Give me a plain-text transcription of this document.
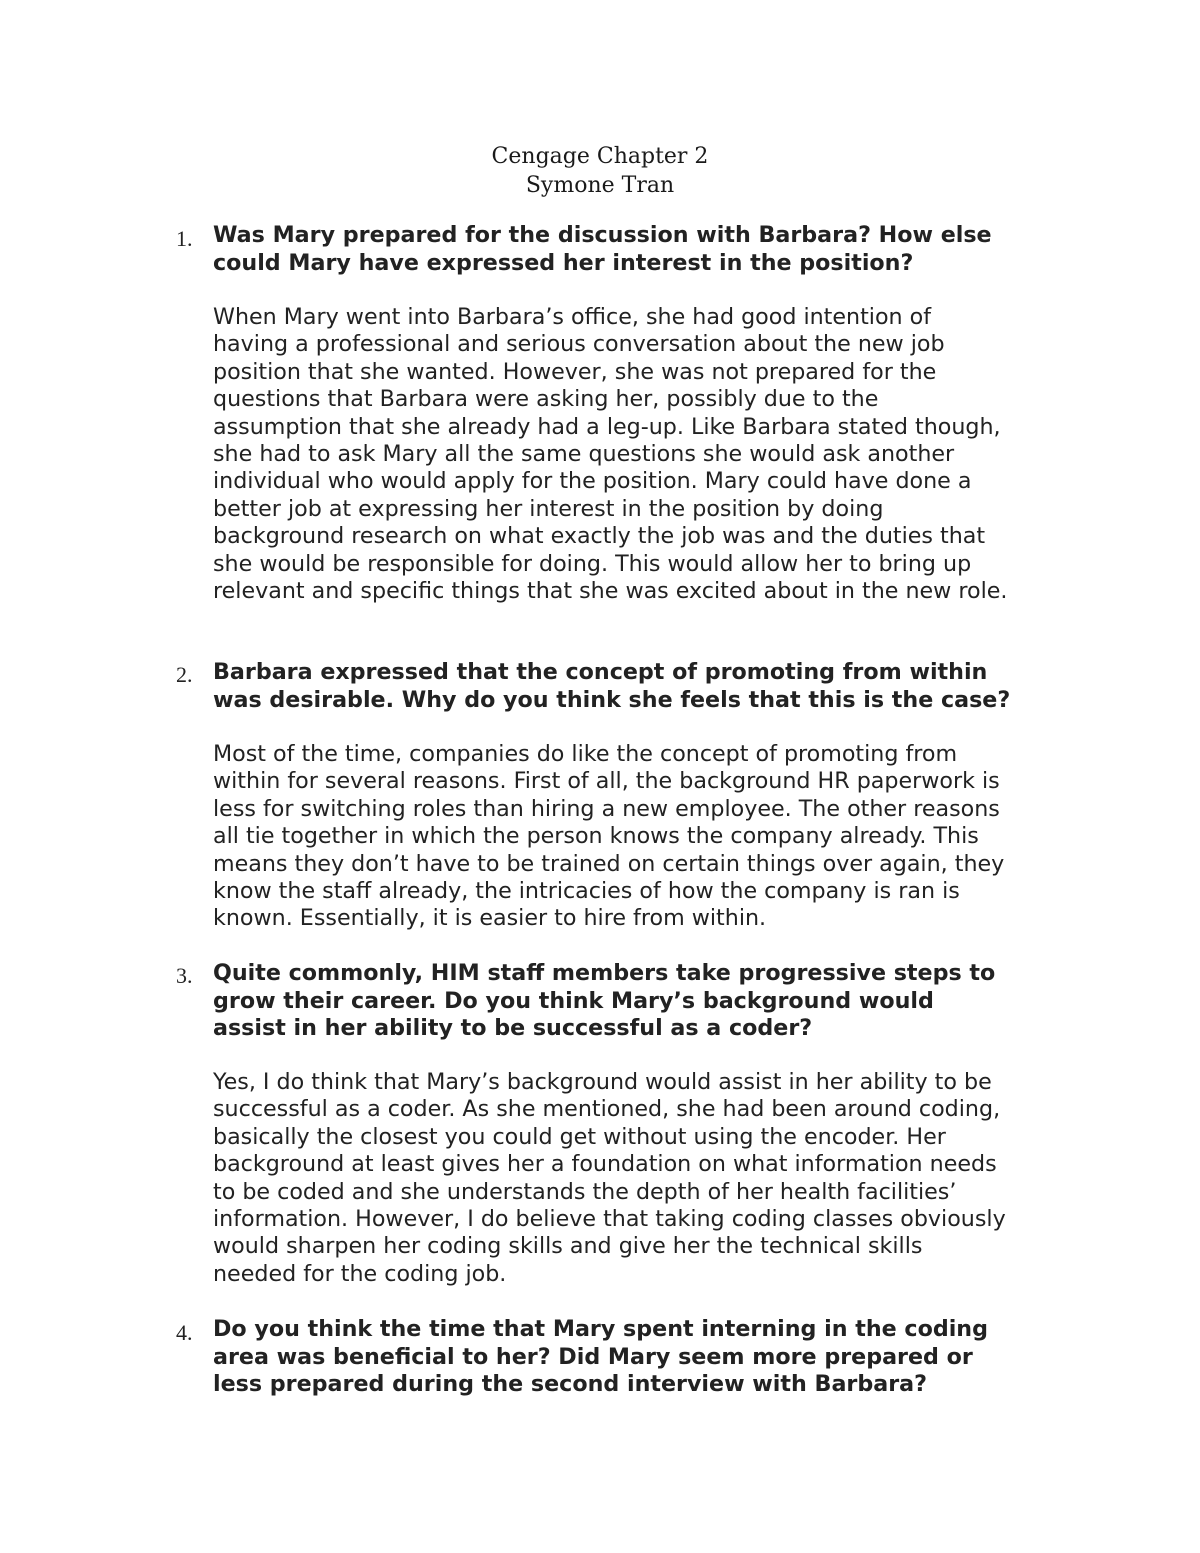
Cengage Chapter 2
Symone Tran
1. Was Mary prepared for the discussion with Barbara? How else
could Mary have expressed her interest in the position?
When Mary went into Barbara’s office, she had good intention of
having a professional and serious conversation about the new job
position that she wanted. However, she was not prepared for the
questions that Barbara were asking her, possibly due to the
assumption that she already had a leg-up. Like Barbara stated though,
she had to ask Mary all the same questions she would ask another
individual who would apply for the position. Mary could have done a
better job at expressing her interest in the position by doing
background research on what exactly the job was and the duties that
she would be responsible for doing. This would allow her to bring up
relevant and specific things that she was excited about in the new role.
2. Barbara expressed that the concept of promoting from within
was desirable. Why do you think she feels that this is the case?
Most of the time, companies do like the concept of promoting from
within for several reasons. First of all, the background HR paperwork is
less for switching roles than hiring a new employee. The other reasons
all tie together in which the person knows the company already. This
means they don’t have to be trained on certain things over again, they
know the staff already, the intricacies of how the company is ran is
known. Essentially, it is easier to hire from within.
3. Quite commonly, HIM staff members take progressive steps to
grow their career. Do you think Mary’s background would
assist in her ability to be successful as a coder?
Yes, I do think that Mary’s background would assist in her ability to be
successful as a coder. As she mentioned, she had been around coding,
basically the closest you could get without using the encoder. Her
background at least gives her a foundation on what information needs
to be coded and she understands the depth of her health facilities’
information. However, I do believe that taking coding classes obviously
would sharpen her coding skills and give her the technical skills
needed for the coding job.
4. Do you think the time that Mary spent interning in the coding
area was beneficial to her? Did Mary seem more prepared or
less prepared during the second interview with Barbara?
